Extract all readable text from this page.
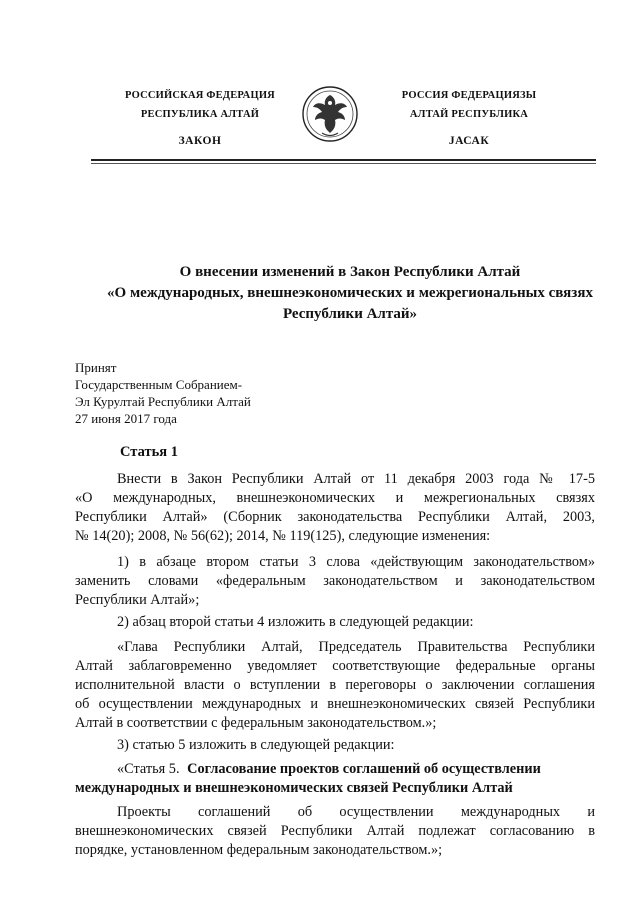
РОССИЙСКАЯ ФЕДЕРАЦИЯ
РЕСПУБЛИКА АЛТАЙ
ЗАКОН
РОССИЯ ФЕДЕРАЦИЯЗЫ
АЛТАЙ РЕСПУБЛИКА
JАСАК
О внесении изменений в Закон Республики Алтай
«О международных, внешнеэкономических и межрегиональных связях
Республики Алтай»
Принят
Государственным Собранием-
Эл Курултай Республики Алтай
27 июня 2017 года
Статья 1
Внести в Закон Республики Алтай от 11 декабря 2003 года № 17-5
«О международных, внешнеэкономических и межрегиональных связях
Республики Алтай» (Сборник законодательства Республики Алтай, 2003,
№ 14(20); 2008, № 56(62); 2014, № 119(125), следующие изменения:
1) в абзаце втором статьи 3 слова «действующим законодательством»
заменить словами «федеральным законодательством и законодательством
Республики Алтай»;
2) абзац второй статьи 4 изложить в следующей редакции:
«Глава Республики Алтай, Председатель Правительства Республики
Алтай заблаговременно уведомляет соответствующие федеральные органы
исполнительной власти о вступлении в переговоры о заключении соглашения
об осуществлении международных и внешнеэкономических связей Республики
Алтай в соответствии с федеральным законодательством.»;
3) статью 5 изложить в следующей редакции:
«Статья 5. Согласование проектов соглашений об осуществлении
международных и внешнеэкономических связей Республики Алтай
Проекты соглашений об осуществлении международных и
внешнеэкономических связей Республики Алтай подлежат согласованию в
порядке, установленном федеральным законодательством.»;
